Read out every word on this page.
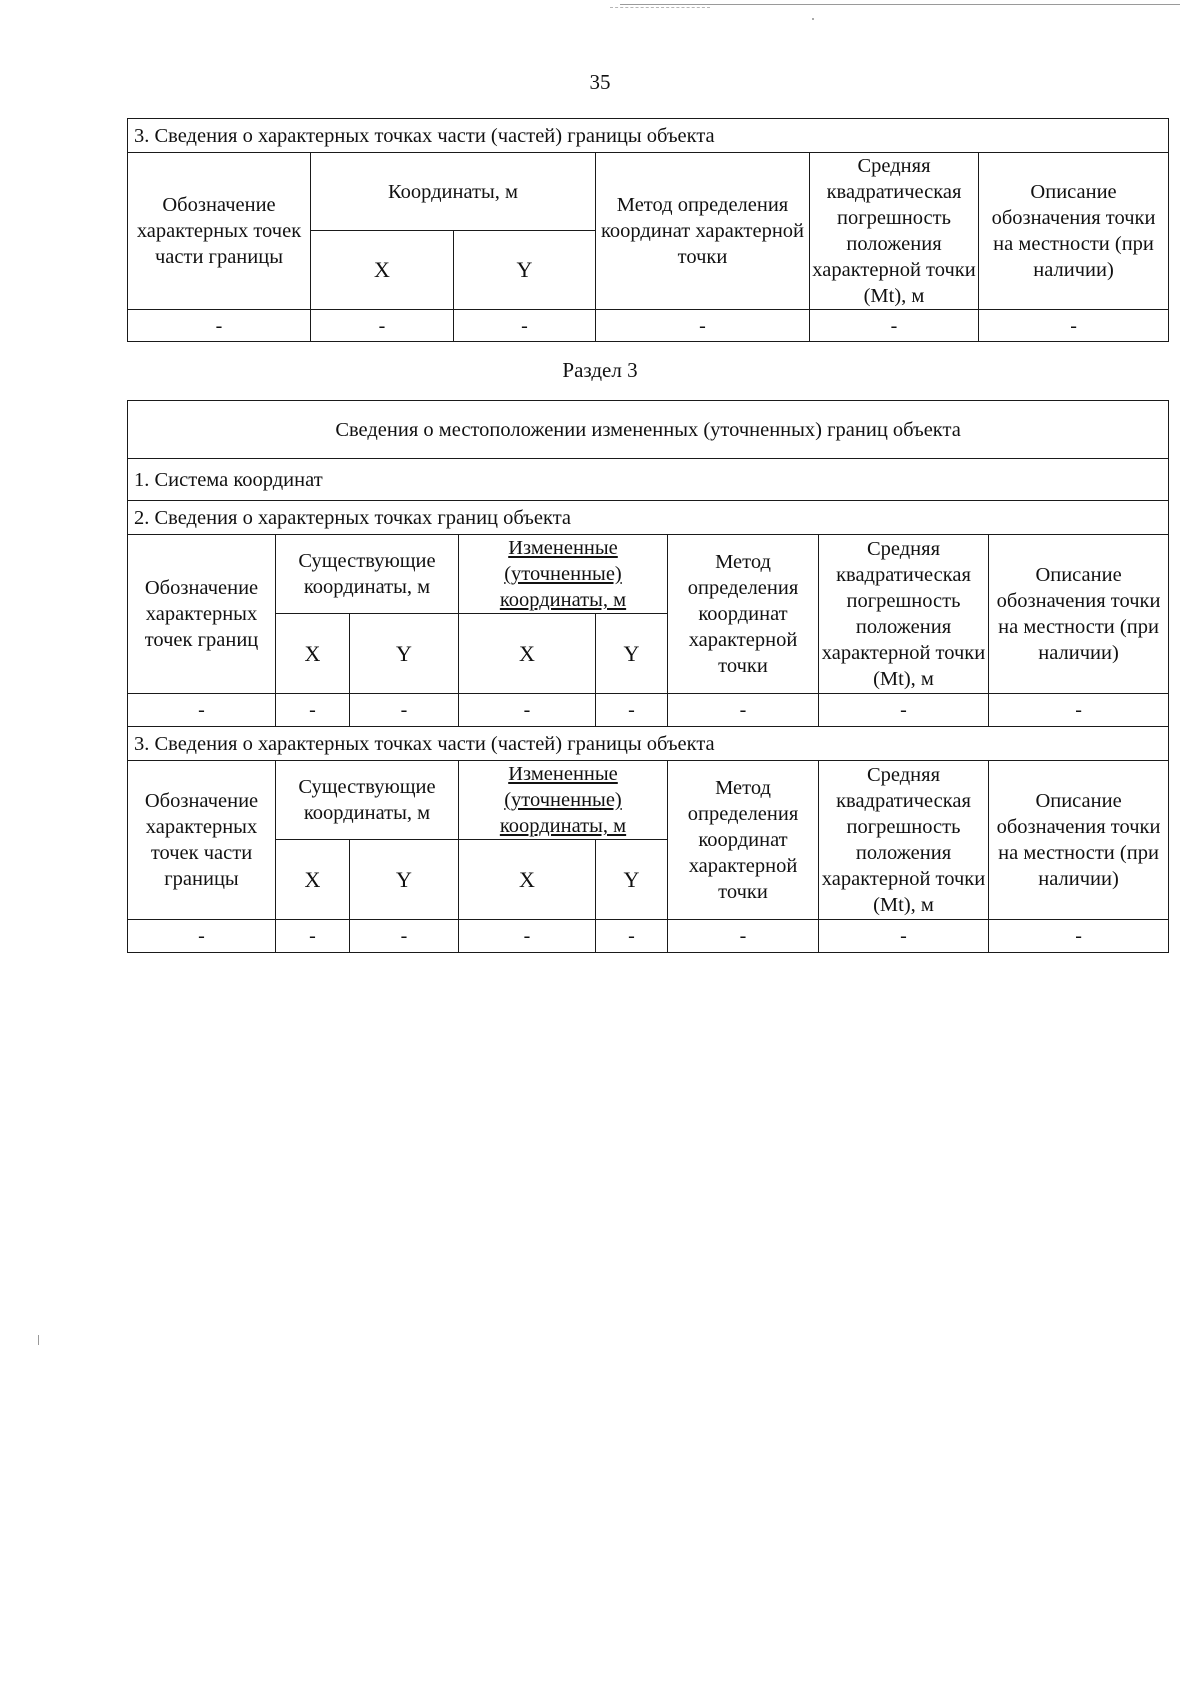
35
3. Сведения о характерных точках части (частей) границы объекта					
Обозначение характерных точек части границы	Координаты, м		Метод определения координат характерной точки	Средняя квадратическая погрешность положения характерной точки (Mt), м	Описание обозначения точки на местности (при наличии)
	X	Y			
-	-	-	-	-	-
Раздел 3
Сведения о местоположении измененных (уточненных) границ объекта							
1. Система координат							
2. Сведения о характерных точках границ объекта							
Обозначение характерных точек границ	Существующие координаты, м		Измененные (уточненные) координаты, м		Метод определения координат характерной точки	Средняя квадратическая погрешность положения характерной точки (Mt), м	Описание обозначения точки на местности (при наличии)
	X	Y	X	Y			
-	-	-	-	-	-	-	-
3. Сведения о характерных точках части (частей) границы объекта							
Обозначение характерных точек части границы	Существующие координаты, м		Измененные (уточненные) координаты, м		Метод определения координат характерной точки	Средняя квадратическая погрешность положения характерной точки (Mt), м	Описание обозначения точки на местности (при наличии)
	X	Y	X	Y			
-	-	-	-	-	-	-	-
